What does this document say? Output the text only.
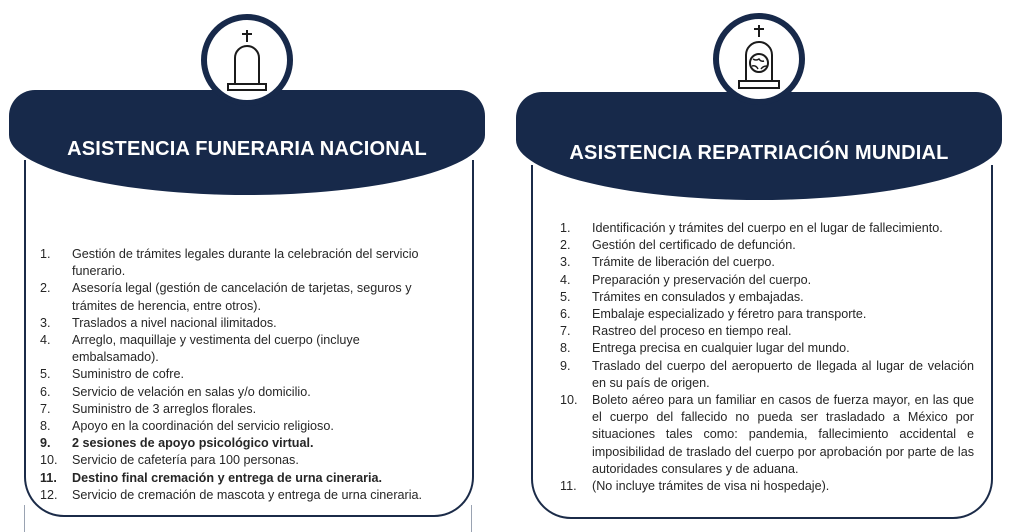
ASISTENCIA FUNERARIA NACIONAL
1. Gestión de trámites legales durante la celebración del servicio funerario.
2. Asesoría legal (gestión de cancelación de tarjetas, seguros y trámites de herencia, entre otros).
3. Traslados a nivel nacional ilimitados.
4. Arreglo, maquillaje y vestimenta del cuerpo (incluye embalsamado).
5. Suministro de cofre.
6. Servicio de velación en salas y/o domicilio.
7. Suministro de 3 arreglos florales.
8. Apoyo en la coordinación del servicio religioso.
9. 2 sesiones de apoyo psicológico virtual.
10. Servicio de cafetería para 100 personas.
11. Destino final cremación y entrega de urna cineraria.
12. Servicio de cremación de mascota y entrega de urna cineraria.
ASISTENCIA REPATRIACIÓN MUNDIAL
1. Identificación y trámites del cuerpo en el lugar de fallecimiento.
2. Gestión del certificado de defunción.
3. Trámite de liberación del cuerpo.
4. Preparación y preservación del cuerpo.
5. Trámites en consulados y embajadas.
6. Embalaje especializado y féretro para transporte.
7. Rastreo del proceso en tiempo real.
8. Entrega precisa en cualquier lugar del mundo.
9. Traslado del cuerpo del aeropuerto de llegada al lugar de velación en su país de origen.
10. Boleto aéreo para un familiar en casos de fuerza mayor, en las que el cuerpo del fallecido no pueda ser trasladado a México por situaciones tales como: pandemia, fallecimiento accidental e imposibilidad de traslado del cuerpo por aprobación por parte de las autoridades consulares y de aduana.
11. (No incluye trámites de visa ni hospedaje).
